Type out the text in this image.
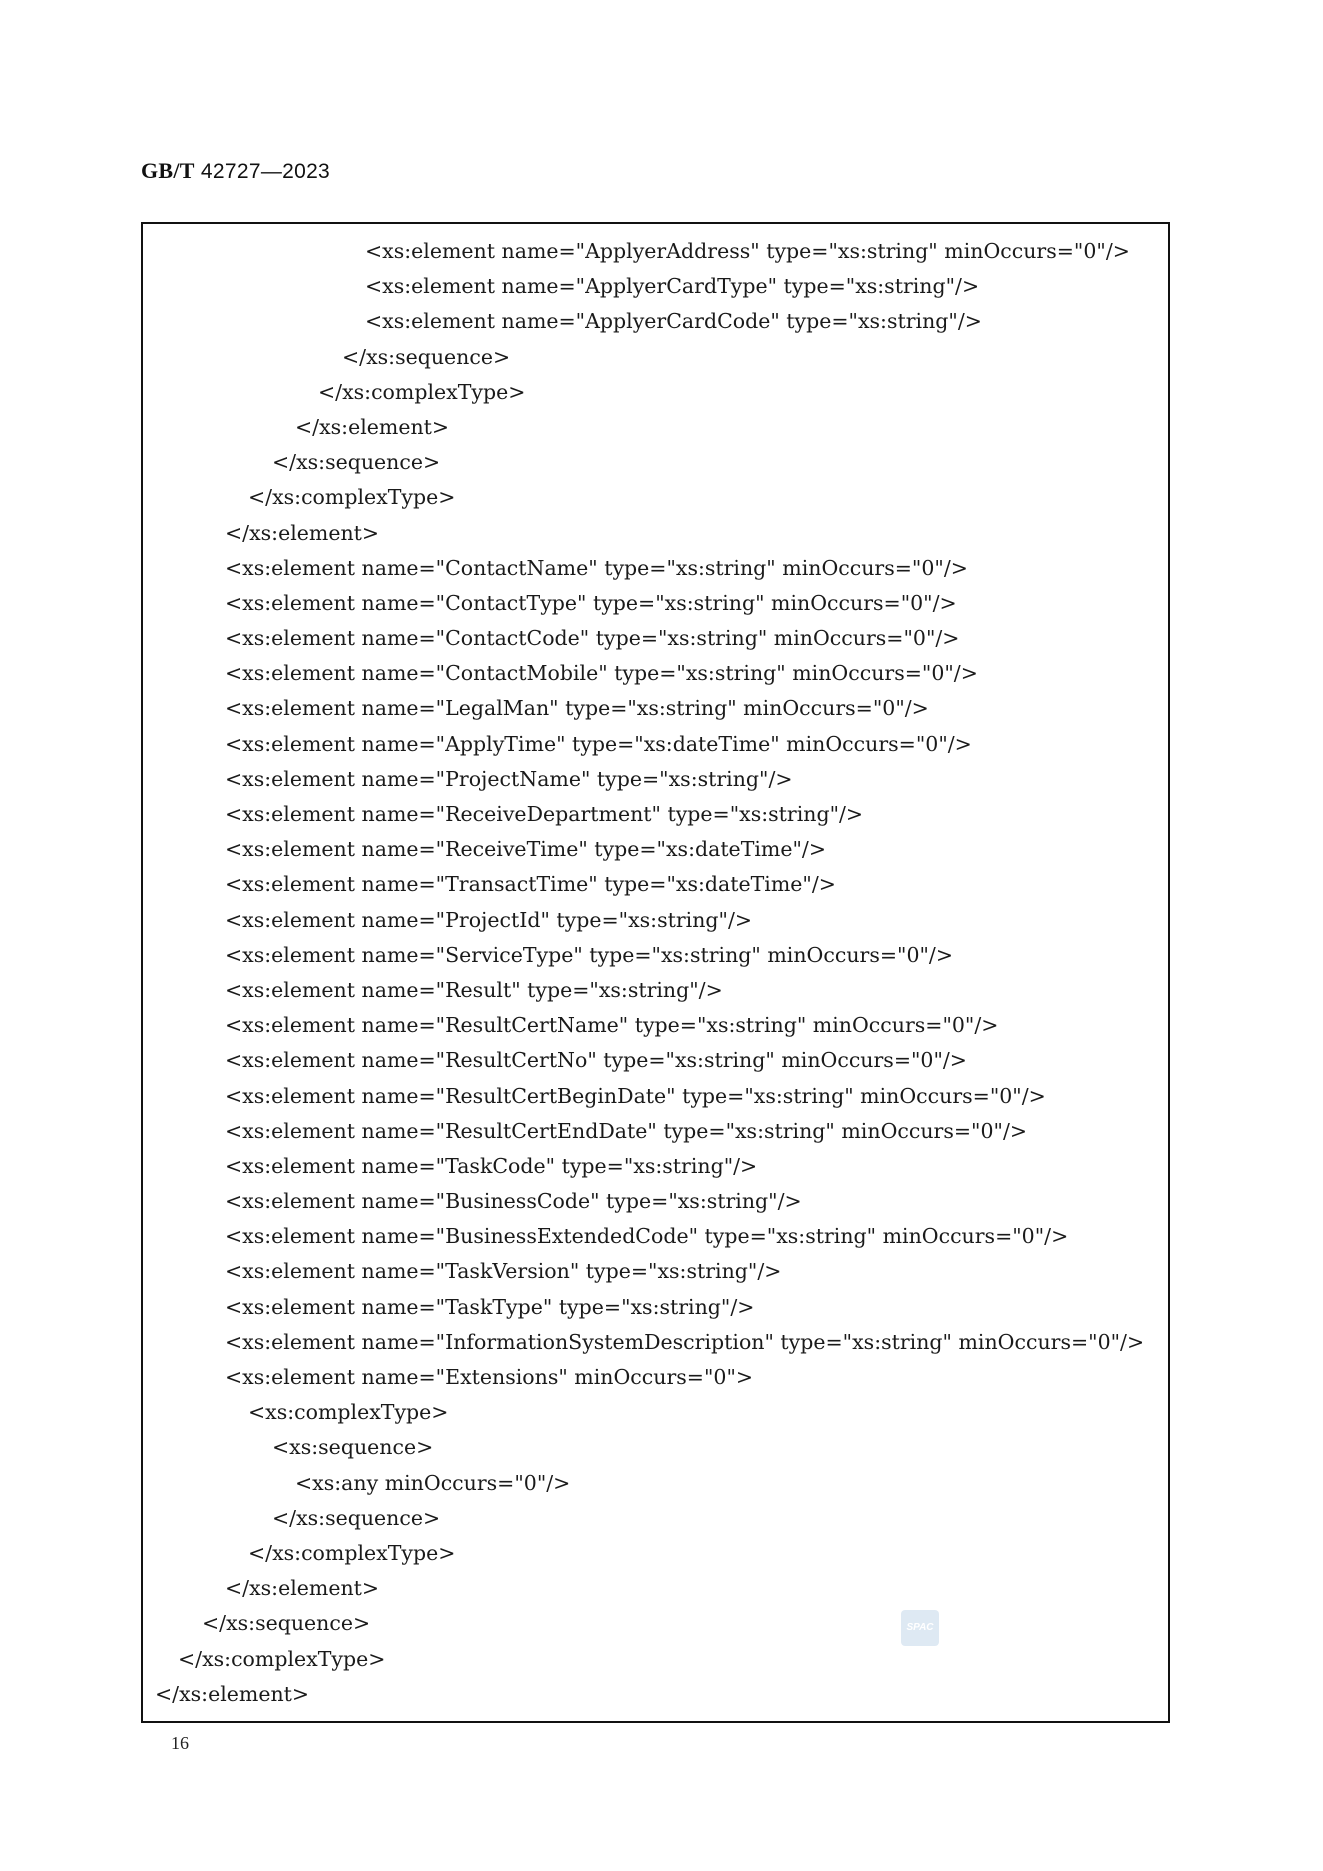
GB/T 42727—2023
<xs:element name="ApplyerAddress" type="xs:string" minOccurs="0"/>
<xs:element name="ApplyerCardType" type="xs:string"/>
<xs:element name="ApplyerCardCode" type="xs:string"/>
</xs:sequence>
</xs:complexType>
</xs:element>
</xs:sequence>
</xs:complexType>
</xs:element>
<xs:element name="ContactName" type="xs:string" minOccurs="0"/>
<xs:element name="ContactType" type="xs:string" minOccurs="0"/>
<xs:element name="ContactCode" type="xs:string" minOccurs="0"/>
<xs:element name="ContactMobile" type="xs:string" minOccurs="0"/>
<xs:element name="LegalMan" type="xs:string" minOccurs="0"/>
<xs:element name="ApplyTime" type="xs:dateTime" minOccurs="0"/>
<xs:element name="ProjectName" type="xs:string"/>
<xs:element name="ReceiveDepartment" type="xs:string"/>
<xs:element name="ReceiveTime" type="xs:dateTime"/>
<xs:element name="TransactTime" type="xs:dateTime"/>
<xs:element name="ProjectId" type="xs:string"/>
<xs:element name="ServiceType" type="xs:string" minOccurs="0"/>
<xs:element name="Result" type="xs:string"/>
<xs:element name="ResultCertName" type="xs:string" minOccurs="0"/>
<xs:element name="ResultCertNo" type="xs:string" minOccurs="0"/>
<xs:element name="ResultCertBeginDate" type="xs:string" minOccurs="0"/>
<xs:element name="ResultCertEndDate" type="xs:string" minOccurs="0"/>
<xs:element name="TaskCode" type="xs:string"/>
<xs:element name="BusinessCode" type="xs:string"/>
<xs:element name="BusinessExtendedCode" type="xs:string" minOccurs="0"/>
<xs:element name="TaskVersion" type="xs:string"/>
<xs:element name="TaskType" type="xs:string"/>
<xs:element name="InformationSystemDescription" type="xs:string" minOccurs="0"/>
<xs:element name="Extensions" minOccurs="0">
<xs:complexType>
<xs:sequence>
<xs:any minOccurs="0"/>
</xs:sequence>
</xs:complexType>
</xs:element>
</xs:sequence>
</xs:complexType>
</xs:element>
SPAC
16
